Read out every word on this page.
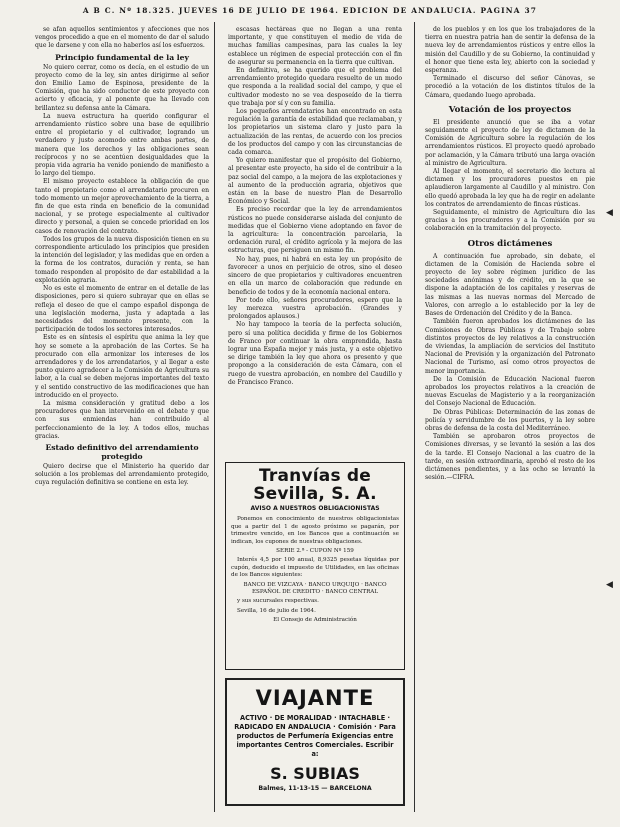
A B C. Nº 18.325. JUEVES 16 DE JULIO DE 1964. EDICION DE ANDALUCIA. PAGINA 37

se afan aquellos sentimientos y afecciones que nos vengos procedido a que en el momento de dar el saludo que le darsene y con ella no haberlos así los esfuerzos.

Principio fundamental de la ley

No quiero cerrar, como os decía, en el estudio de un proyecto como de la ley, sin antes dirigirme al señor don Emilio Lamo de Espinosa, presidente de la Comisión, que ha sido conductor de este proyecto con acierto y eficacia, y al ponente que ha llevado con brillantez su defensa ante la Cámara.

La nueva estructura ha querido configurar el arrendamiento rústico sobre una base de equilibrio entre el propietario y el cultivador, logrando un verdadero y justo acomodo entre ambas partes, de manera que los derechos y las obligaciones sean recíprocos y no se acentúen desigualdades que la propia vida agraria ha venido poniendo de manifiesto a lo largo del tiempo.

El mismo proyecto establece la obligación de que tanto el propietario como el arrendatario procuren en todo momento un mejor aprovechamiento de la tierra, a fin de que esta rinda en beneficio de la comunidad nacional, y se protege especialmente al cultivador directo y personal, a quien se concede prioridad en los casos de renovación del contrato.

Todos los grupos de la nueva disposición tienen en su correspondiente articulado los principios que presiden la intención del legislador, y las medidas que en orden a la forma de los contratos, duración y renta, se han tomado responden al propósito de dar estabilidad a la explotación agraria.

No es este el momento de entrar en el detalle de las disposiciones, pero si quiero subrayar que en ellas se refleja el deseo de que el campo español disponga de una legislación moderna, justa y adaptada a las necesidades del momento presente, con la participación de todos los sectores interesados.

Este es en síntesis el espíritu que anima la ley que hoy se somete a la aprobación de las Cortes. Se ha procurado con ella armonizar los intereses de los arrendadores y de los arrendatarios, y al llegar a este punto quiero agradecer a la Comisión de Agricultura su labor, a la cual se deben mejoras importantes del texto y el sentido constructivo de las modificaciones que han introducido en el proyecto.

La misma consideración y gratitud debo a los procuradores que han intervenido en el debate y que con sus enmiendas han contribuido al perfeccionamiento de la ley. A todos ellos, muchas gracias.

Estado definitivo del arrendamiento protegido

Quiero decirse que el Ministerio ha querido dar solución a los problemas del arrendamiento protegido, cuya regulación definitiva se contiene en esta ley.

escasas hectáreas que no llegan a una renta importante, y que constituyen el medio de vida de muchas familias campesinas, para las cuales la ley establece un régimen de especial protección con el fin de asegurar su permanencia en la tierra que cultivan.

En definitiva, se ha querido que el problema del arrendamiento protegido quedara resuelto de un modo que responda a la realidad social del campo, y que el cultivador modesto no se vea desposeído de la tierra que trabaja por sí y con su familia.

Los pequeños arrendatarios han encontrado en esta regulación la garantía de estabilidad que reclamaban, y los propietarios un sistema claro y justo para la actualización de las rentas, de acuerdo con los precios de los productos del campo y con las circunstancias de cada comarca.

Yo quiero manifestar que el propósito del Gobierno, al presentar este proyecto, ha sido el de contribuir a la paz social del campo, a la mejora de las explotaciones y al aumento de la producción agraria, objetivos que están en la base de nuestro Plan de Desarrollo Económico y Social.

Es preciso recordar que la ley de arrendamientos rústicos no puede considerarse aislada del conjunto de medidas que el Gobierno viene adoptando en favor de la agricultura: la concentración parcelaria, la ordenación rural, el crédito agrícola y la mejora de las estructuras, que persiguen un mismo fin.

No hay, pues, ni habrá en esta ley un propósito de favorecer a unos en perjuicio de otros, sino el deseo sincero de que propietarios y cultivadores encuentren en ella un marco de colaboración que redunde en beneficio de todos y de la economía nacional entera.

Por todo ello, señores procuradores, espero que la ley merezca vuestra aprobación. (Grandes y prolongados aplausos.)

No hay tampoco la teoría de la perfecta solución, pero sí una política decidida y firme de los Gobiernos de Franco por continuar la obra emprendida, hasta lograr una España mejor y más justa, y a este objetivo se dirige también la ley que ahora os presento y que propongo a la consideración de esta Cámara, con el ruego de vuestra aprobación, en nombre del Caudillo y de Francisco Franco.

Tranvías de Sevilla, S. A.
AVISO A NUESTROS OBLIGACIONISTAS

Ponemos en conocimiento de nuestros obligacionistas que a partir del 1 de agosto próximo se pagarán, por trimestre vencido, en los Bancos que a continuación se indican, los cupones de nuestras obligaciones.

SERIE 2.ª - CUPON Nº 159

Interés 4,5 por 100 anual, 8,9325 pesetas líquidas por cupón, deducido el impuesto de Utilidades, en las oficinas de los Bancos siguientes:

BANCO DE VIZCAYA · BANCO URQUIJO · BANCO ESPAÑOL DE CREDITO · BANCO CENTRAL

y sus sucursales respectivas.

Sevilla, 16 de julio de 1964.

El Consejo de Administración

VIAJANTE
ACTIVO · DE MORALIDAD · INTACHABLE · RADICADO EN ANDALUCIA · Comisión · Para productos de Perfumería Exigencias entre importantes Centros Comerciales. Escribir a:
S. SUBIAS
Balmes, 11-13-15 — BARCELONA

de los pueblos y en los que los trabajadores de la tierra en nuestra patria han de sentir la defensa de la nueva ley de arrendamientos rústicos y entre ellos la misión del Caudillo y de su Gobierno, la continuidad y el honor que tiene esta ley, abierto con la sociedad y esperanza.

Terminado el discurso del señor Cánovas, se procedió a la votación de los distintos títulos de la Cámara, quedando luego aprobada.

Votación de los proyectos

El presidente anunció que se iba a votar seguidamente el proyecto de ley de dictamen de la Comisión de Agricultura sobre la regulación de los arrendamientos rústicos. El proyecto quedó aprobado por aclamación, y la Cámara tributó una larga ovación al ministro de Agricultura.

Al llegar el momento, el secretario dio lectura al dictamen y los procuradores puestos en pie aplaudieron largamente al Caudillo y al ministro. Con ello quedó aprobada la ley que ha de regir en adelante los contratos de arrendamiento de fincas rústicas.

Seguidamente, el ministro de Agricultura dio las gracias a los procuradores y a la Comisión por su colaboración en la tramitación del proyecto.

Otros dictámenes

A continuación fue aprobado, sin debate, el dictamen de la Comisión de Hacienda sobre el proyecto de ley sobre régimen jurídico de las sociedades anónimas y de crédito, en la que se dispone la adaptación de los capitales y reservas de las mismas a las nuevas normas del Mercado de Valores, con arreglo a lo establecido por la ley de Bases de Ordenación del Crédito y de la Banca.

También fueron aprobados los dictámenes de las Comisiones de Obras Públicas y de Trabajo sobre distintos proyectos de ley relativos a la construcción de viviendas, la ampliación de servicios del Instituto Nacional de Previsión y la organización del Patronato Nacional de Turismo, así como otros proyectos de menor importancia.

De la Comisión de Educación Nacional fueron aprobados los proyectos relativos a la creación de nuevas Escuelas de Magisterio y a la reorganización del Consejo Nacional de Educación.

De Obras Públicas: Determinación de las zonas de policía y servidumbre de los puertos, y la ley sobre obras de defensa de la costa del Mediterráneo.

También se aprobaron otros proyectos de Comisiones diversas, y se levantó la sesión a las dos de la tarde. El Consejo Nacional a las cuatro de la tarde, en sesión extraordinaria, aprobó el resto de los dictámenes pendientes, y a las ocho se levantó la sesión.—CIFRA.

◀
◀
